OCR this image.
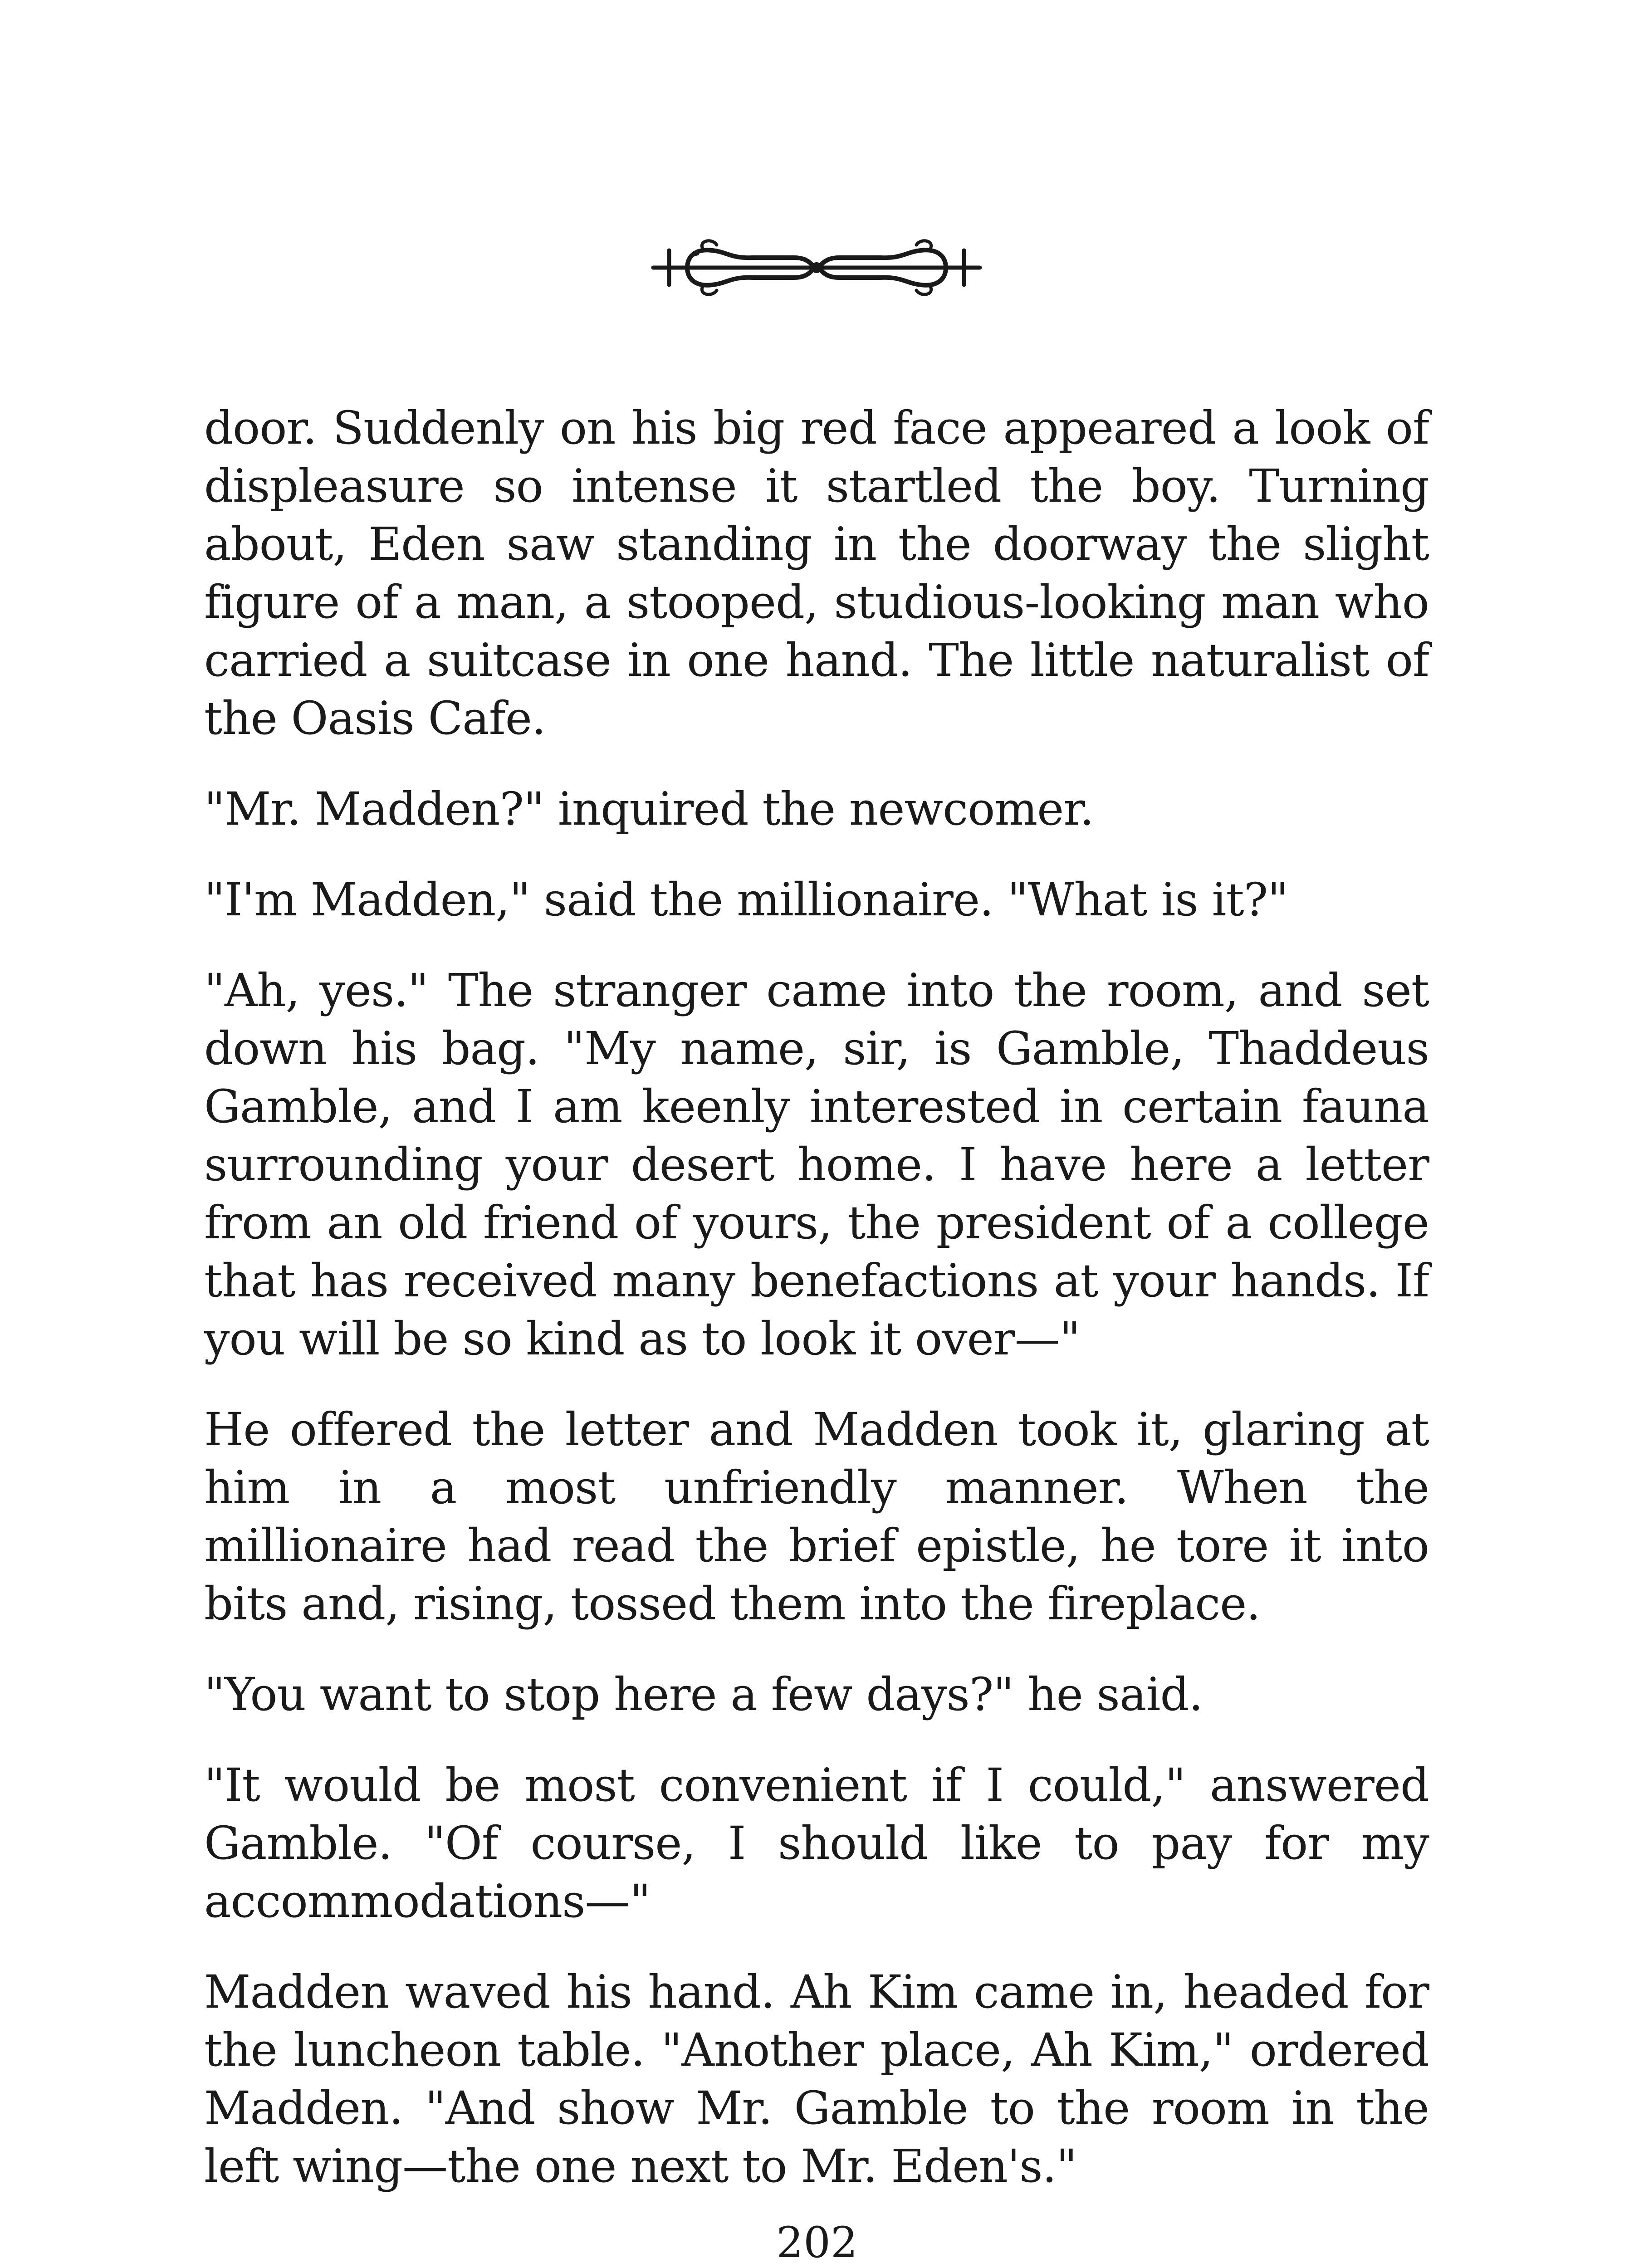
door. Suddenly on his big red face appeared a look of displeasure so intense it startled the boy. Turning about, Eden saw standing in the doorway the slight figure of a man, a stooped, studious-looking man who carried a suitcase in one hand. The little naturalist of the Oasis Cafe.

"Mr. Madden?" inquired the newcomer.

"I'm Madden," said the millionaire. "What is it?"

"Ah, yes." The stranger came into the room, and set down his bag. "My name, sir, is Gamble, Thaddeus Gamble, and I am keenly interested in certain fauna surrounding your desert home. I have here a letter from an old friend of yours, the president of a college that has received many benefactions at your hands. If you will be so kind as to look it over—"

He offered the letter and Madden took it, glaring at him in a most unfriendly manner. When the millionaire had read the brief epistle, he tore it into bits and, rising, tossed them into the fireplace.

"You want to stop here a few days?" he said.

"It would be most convenient if I could," answered Gamble. "Of course, I should like to pay for my accommodations—"

Madden waved his hand. Ah Kim came in, headed for the luncheon table. "Another place, Ah Kim," ordered Madden. "And show Mr. Gamble to the room in the left wing—the one next to Mr. Eden's."

202
